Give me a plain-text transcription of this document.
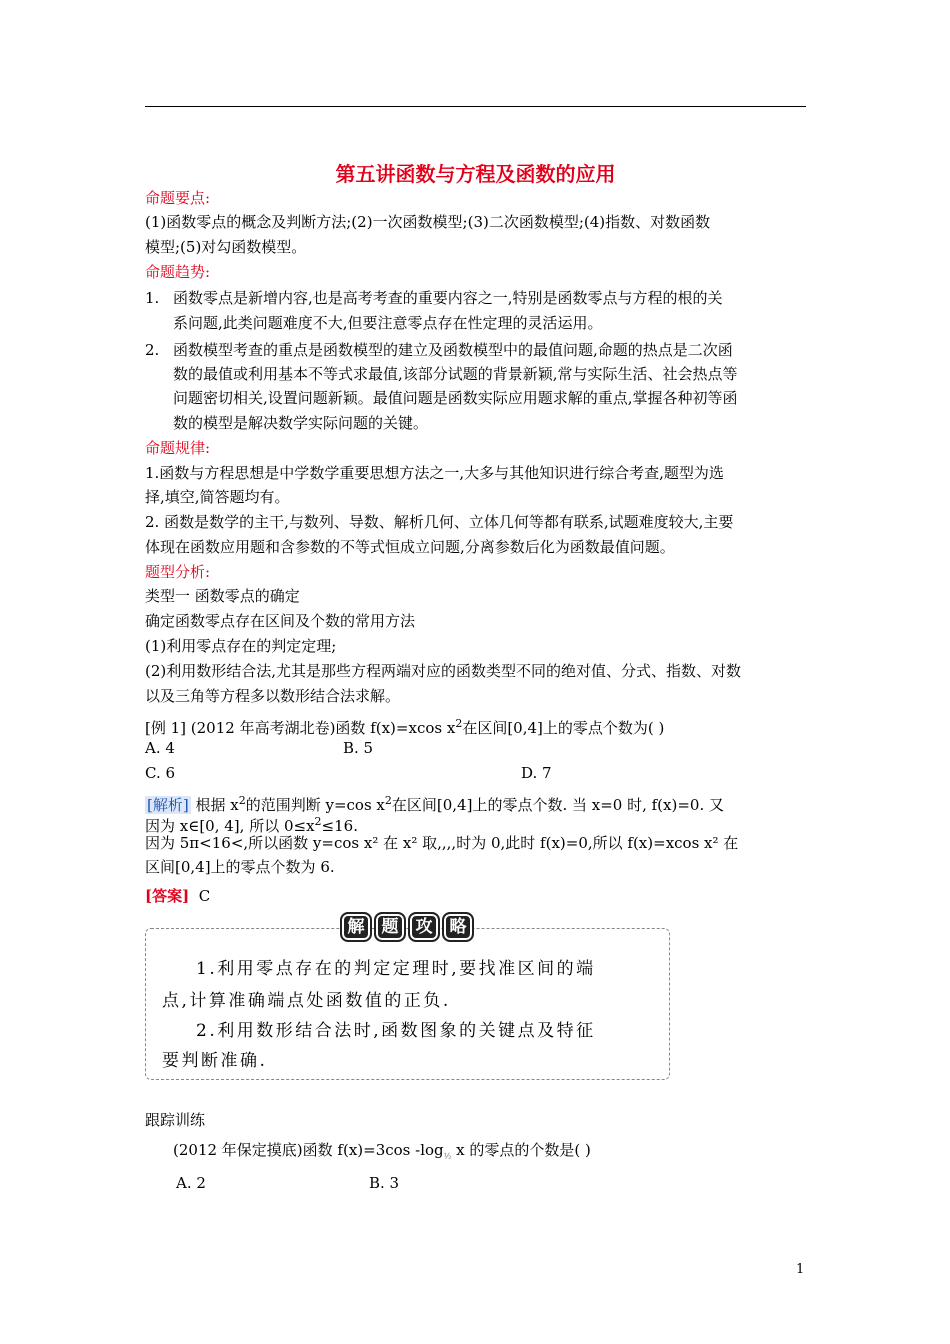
第五讲函数与方程及函数的应用
命题要点:
(1)函数零点的概念及判断方法;(2)一次函数模型;(3)二次函数模型;(4)指数、对数函数
模型;(5)对勾函数模型。
命题趋势:
1. 函数零点是新增内容,也是高考考查的重要内容之一,特别是函数零点与方程的根的关
系问题,此类问题难度不大,但要注意零点存在性定理的灵活运用。
2. 函数模型考查的重点是函数模型的建立及函数模型中的最值问题,命题的热点是二次函
数的最值或利用基本不等式求最值,该部分试题的背景新颖,常与实际生活、社会热点等
问题密切相关,设置问题新颖。最值问题是函数实际应用题求解的重点,掌握各种初等函
数的模型是解决数学实际问题的关键。
命题规律:
1.函数与方程思想是中学数学重要思想方法之一,大多与其他知识进行综合考查,题型为选
择,填空,简答题均有。
2. 函数是数学的主干,与数列、导数、解析几何、立体几何等都有联系,试题难度较大,主要
体现在函数应用题和含参数的不等式恒成立问题,分离参数后化为函数最值问题。
题型分析:
类型一 函数零点的确定
确定函数零点存在区间及个数的常用方法
(1)利用零点存在的判定定理;
(2)利用数形结合法,尤其是那些方程两端对应的函数类型不同的绝对值、分式、指数、对数
以及三角等方程多以数形结合法求解。
[例 1] (2012 年高考湖北卷)函数 f(x)=xcos $x^2$在区间[0,4]上的零点个数为( )
A. 4	B. 5
C. 6	D. 7
[解析] 根据 $x^2$的范围判断 y=cos $x^2$在区间[0,4]上的零点个数. 当 x=0 时, f(x)=0. 又
因为 x∈[0, 4], 所以 $0\le x^2\le 16$.
因为 5π<16<,所以函数 y=cos x² 在 x² 取,,,,时为 0,此时 f(x)=0,所以 f(x)=xcos x² 在
区间[0,4]上的零点个数为 6.
[答案] C
解	题	攻	略
1.利用零点存在的判定定理时,要找准区间的端
点,计算准确端点处函数值的正负.
2.利用数形结合法时,函数图象的关键点及特征
要判断准确.
跟踪训练
(2012 年保定摸底)函数 f(x)=3cos $-\log_{\frac{1}{2}}$ x 的零点的个数是( )
A. 2	B. 3
1
